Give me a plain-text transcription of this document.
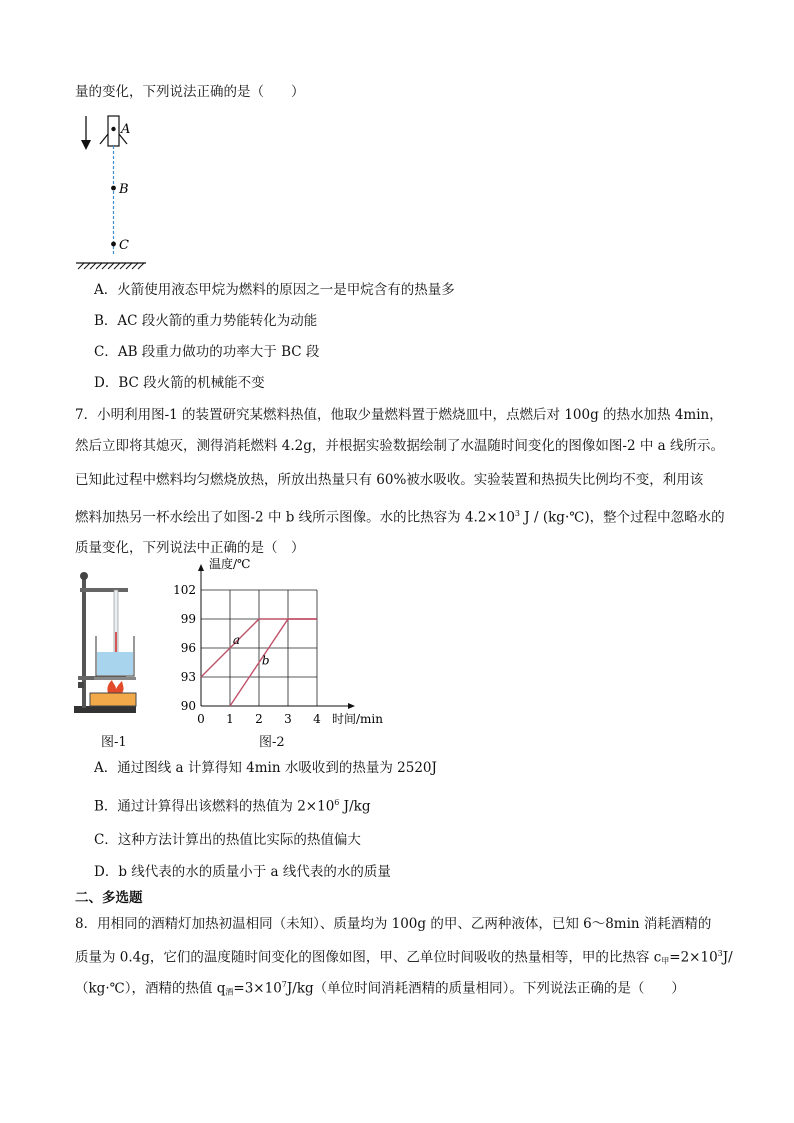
量的变化，下列说法正确的是（　　）
A
B
C
A．火箭使用液态甲烷为燃料的原因之一是甲烷含有的热量多
B．AC 段火箭的重力势能转化为动能
C．AB 段重力做功的功率大于 BC 段
D．BC 段火箭的机械能不变
7．小明利用图-1 的装置研究某燃料热值，他取少量燃料置于燃烧皿中，点燃后对 100g 的热水加热 4min，
然后立即将其熄灭，测得消耗燃料 4.2g，并根据实验数据绘制了水温随时间变化的图像如图-2 中 a 线所示。
已知此过程中燃料均匀燃烧放热，所放出热量只有 60%被水吸收。实验装置和热损失比例均不变，利用该
燃料加热另一杯水绘出了如图-2 中 b 线所示图像。水的比热容为 $4.2\times 10^3$ J / (kg·℃)，整个过程中忽略水的
质量变化，下列说法中正确的是（　）
图-1
0 1 2 3 4
90
93
96
99
102
温度/℃
时间/min
a
b
图-2
A．通过图线 a 计算得知 4min 水吸收到的热量为 2520J
B．通过计算得出该燃料的热值为 $2\times 10^6$ J/kg
C．这种方法计算出的热值比实际的热值偏大
D．b 线代表的水的质量小于 a 线代表的水的质量
二、多选题
8．用相同的酒精灯加热初温相同（未知）、质量均为 100g 的甲、乙两种液体，已知 6～8min 消耗酒精的
质量为 0.4g，它们的温度随时间变化的图像如图，甲、乙单位时间吸收的热量相等，甲的比热容 $c_甲=2\times 10^3J/$
（kg·℃），酒精的热值 $q_酒=3\times 10^7J/kg$（单位时间消耗酒精的质量相同）。下列说法正确的是（　　）
